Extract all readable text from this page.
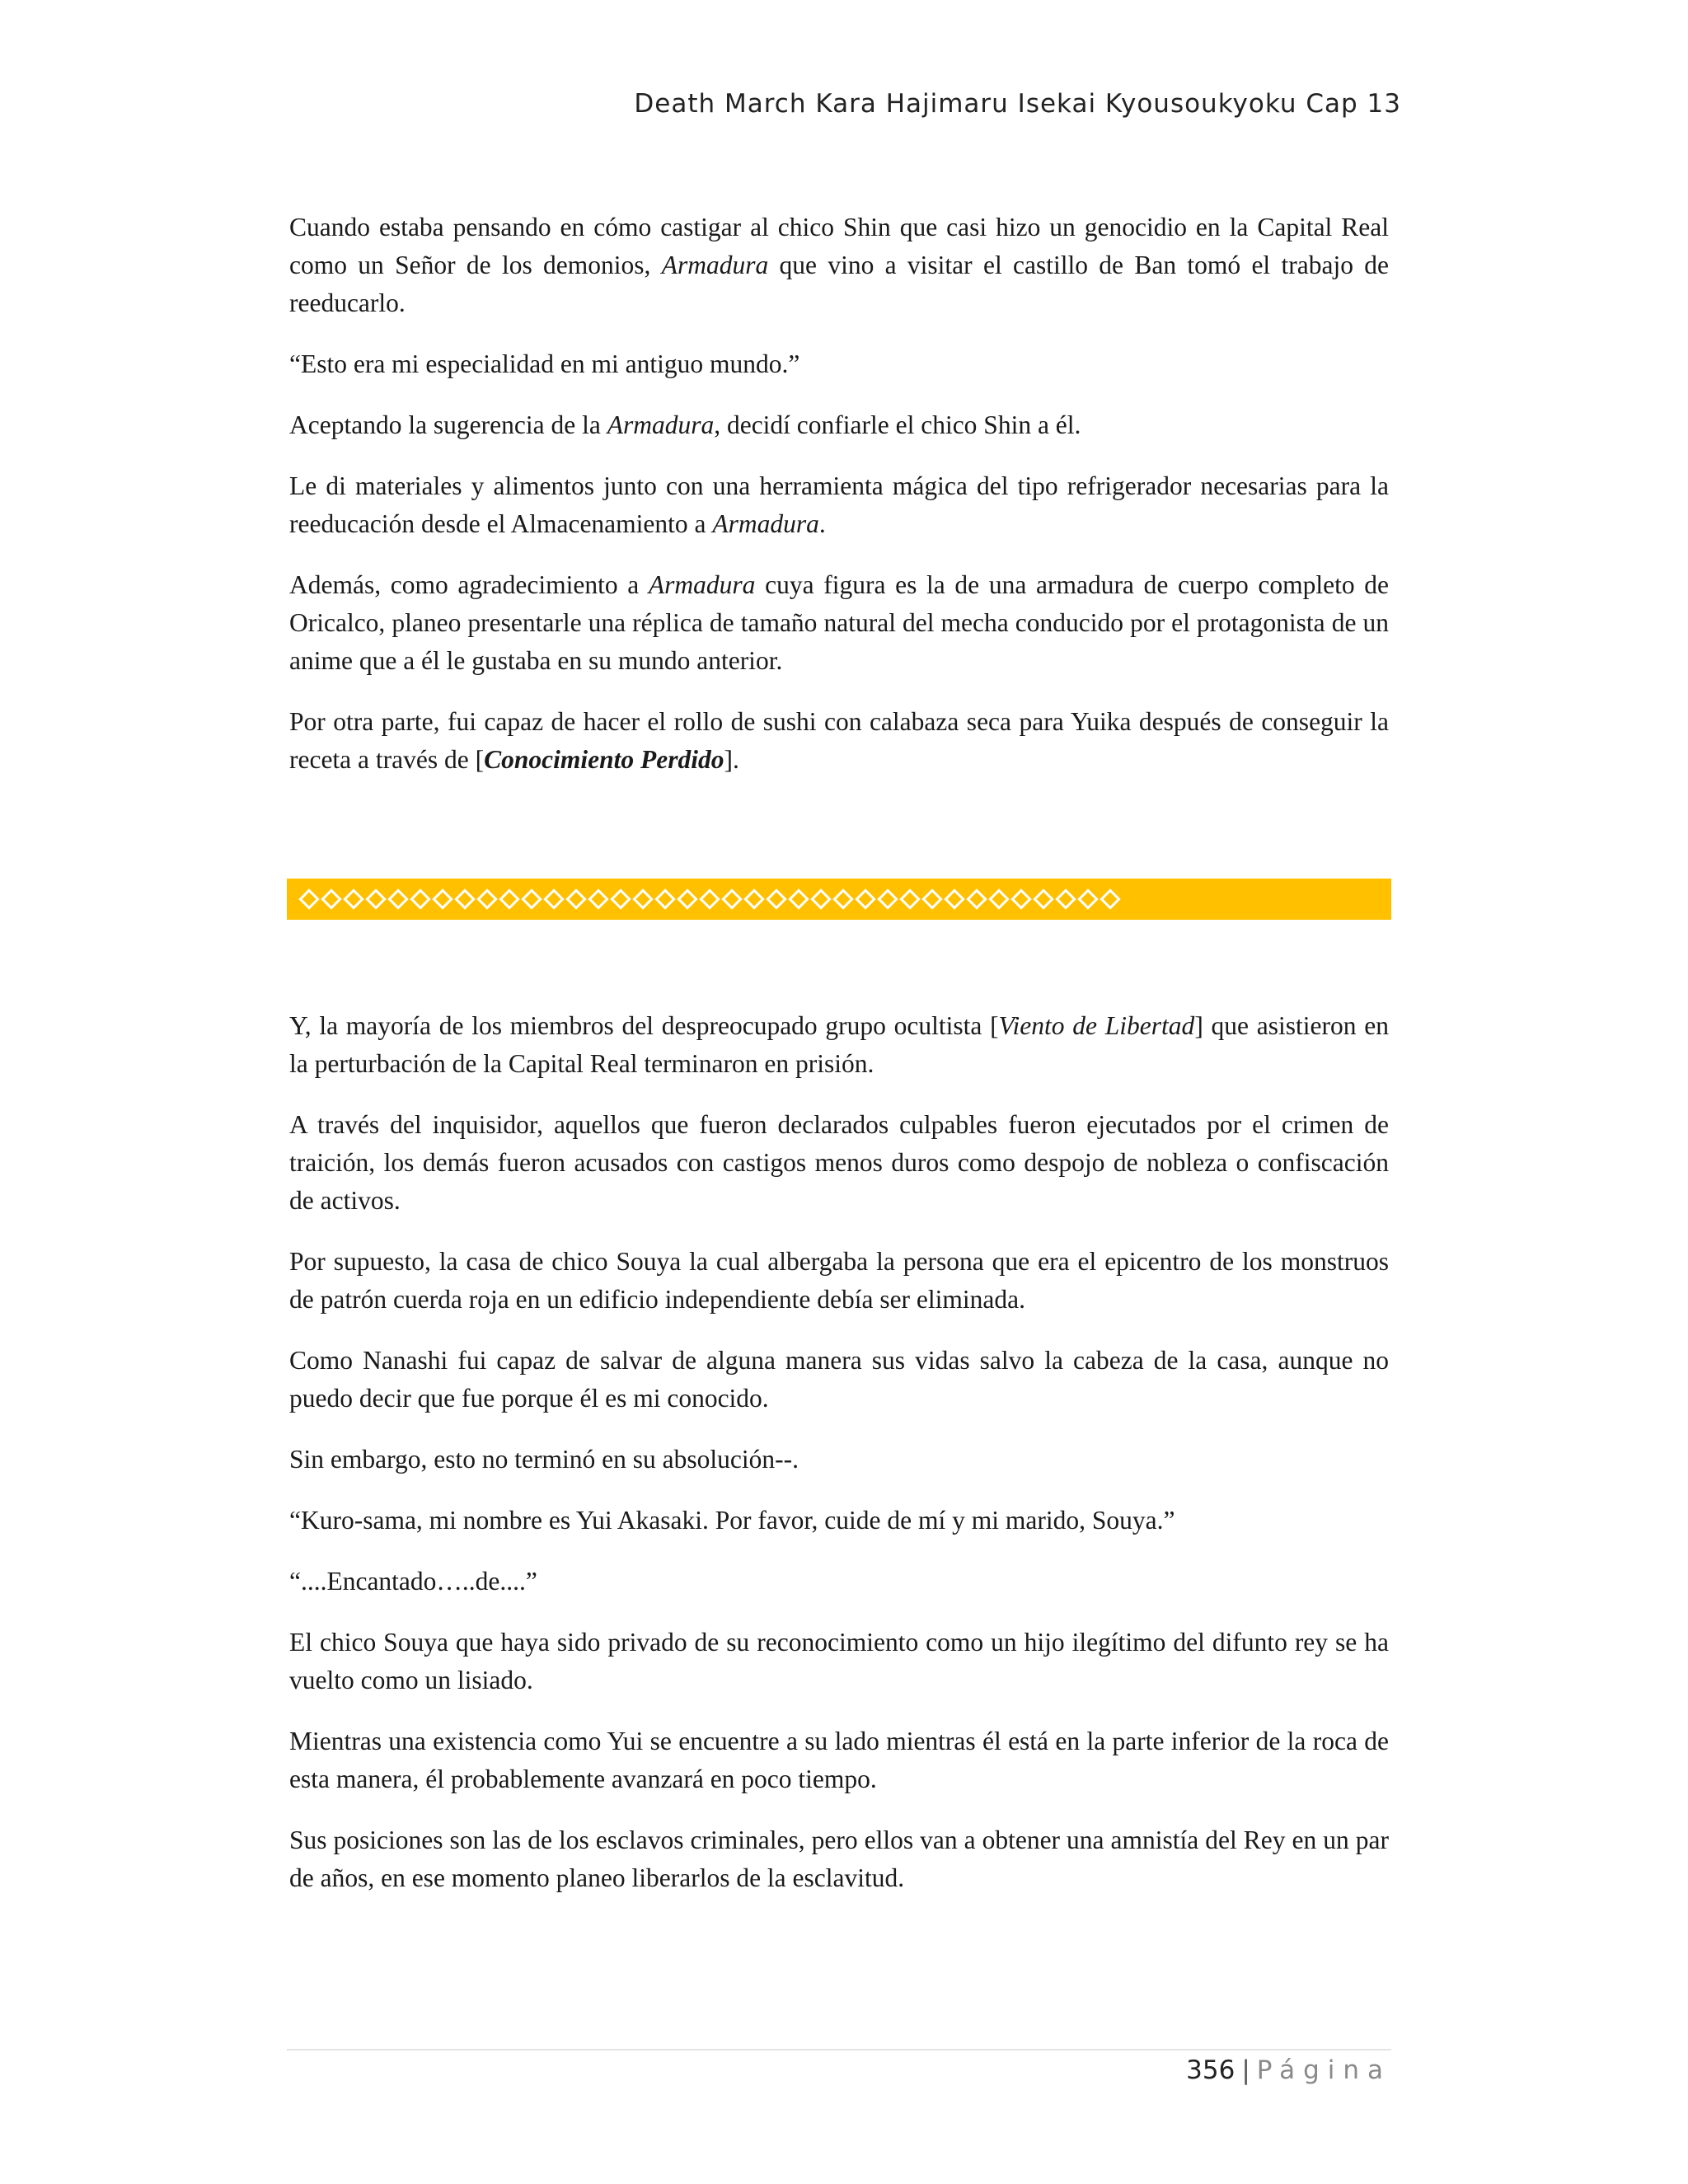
Death March Kara Hajimaru Isekai Kyousoukyoku Cap 13

Cuando estaba pensando en cómo castigar al chico Shin que casi hizo un genocidio en la Capital Real como un Señor de los demonios, Armadura que vino a visitar el castillo de Ban tomó el trabajo de reeducarlo.

“Esto era mi especialidad en mi antiguo mundo.”

Aceptando la sugerencia de la Armadura, decidí confiarle el chico Shin a él.

Le di materiales y alimentos junto con una herramienta mágica del tipo refrigerador necesarias para la reeducación desde el Almacenamiento a Armadura.

Además, como agradecimiento a Armadura cuya figura es la de una armadura de cuerpo completo de Oricalco, planeo presentarle una réplica de tamaño natural del mecha conducido por el protagonista de un anime que a él le gustaba en su mundo anterior.

Por otra parte, fui capaz de hacer el rollo de sushi con calabaza seca para Yuika después de conseguir la receta a través de [Conocimiento Perdido].

Y, la mayoría de los miembros del despreocupado grupo ocultista [Viento de Libertad] que asistieron en la perturbación de la Capital Real terminaron en prisión.

A través del inquisidor, aquellos que fueron declarados culpables fueron ejecutados por el crimen de traición, los demás fueron acusados con castigos menos duros como despojo de nobleza o confiscación de activos.

Por supuesto, la casa de chico Souya la cual albergaba la persona que era el epicentro de los monstruos de patrón cuerda roja en un edificio independiente debía ser eliminada.

Como Nanashi fui capaz de salvar de alguna manera sus vidas salvo la cabeza de la casa, aunque no puedo decir que fue porque él es mi conocido.

Sin embargo, esto no terminó en su absolución--.

“Kuro-sama, mi nombre es Yui Akasaki. Por favor, cuide de mí y mi marido, Souya.”

“....Encantado…..de....”

El chico Souya que haya sido privado de su reconocimiento como un hijo ilegítimo del difunto rey se ha vuelto como un lisiado.

Mientras una existencia como Yui se encuentre a su lado mientras él está en la parte inferior de la roca de esta manera, él probablemente avanzará en poco tiempo.

Sus posiciones son las de los esclavos criminales, pero ellos van a obtener una amnistía del Rey en un par de años, en ese momento planeo liberarlos de la esclavitud.

356 | Página
